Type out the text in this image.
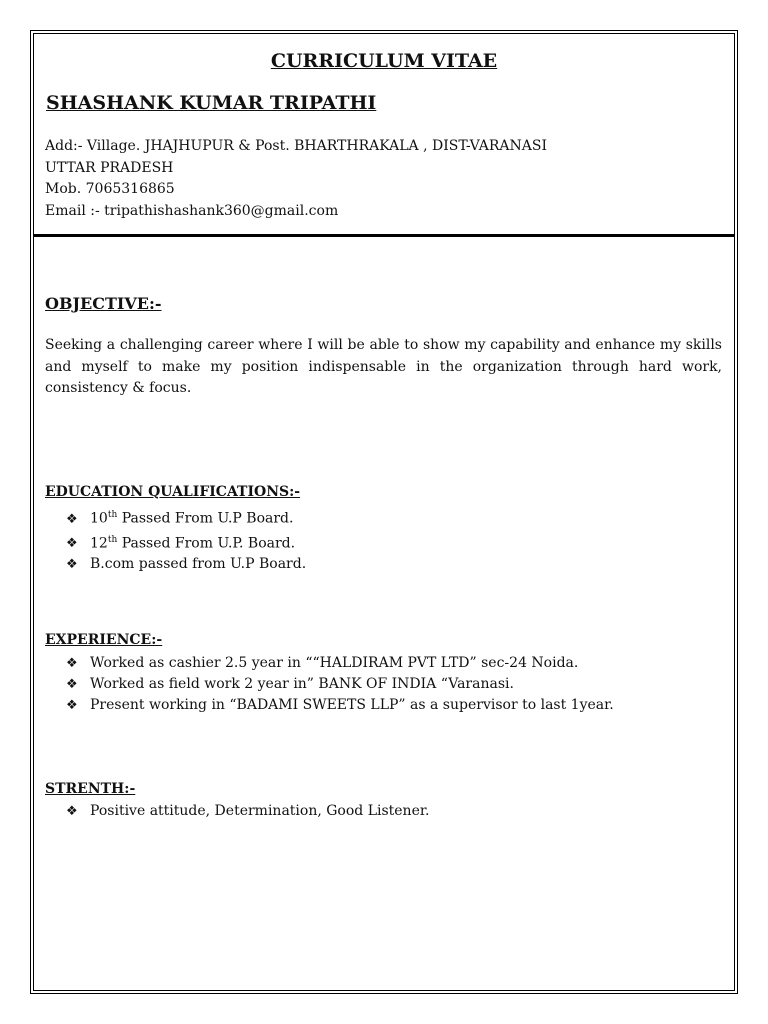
CURRICULUM VITAE
SHASHANK KUMAR TRIPATHI
Add:- Village. JHAJHUPUR & Post. BHARTHRAKALA , DIST-VARANASI
UTTAR PRADESH
Mob. 7065316865
Email :- tripathishashank360@gmail.com
OBJECTIVE:-
Seeking a challenging career where I will be able to show my capability and enhance my skills and myself to make my position indispensable in the organization through hard work, consistency & focus.
EDUCATION QUALIFICATIONS:-
❖ 10th Passed From U.P Board.
❖ 12th Passed From U.P. Board.
❖ B.com passed from U.P Board.
EXPERIENCE:-
❖ Worked as cashier 2.5 year in ““HALDIRAM PVT LTD” sec-24 Noida.
❖ Worked as field work 2 year in” BANK OF INDIA “Varanasi.
❖ Present working in “BADAMI SWEETS LLP” as a supervisor to last 1year.
STRENTH:-
❖ Positive attitude, Determination, Good Listener.
